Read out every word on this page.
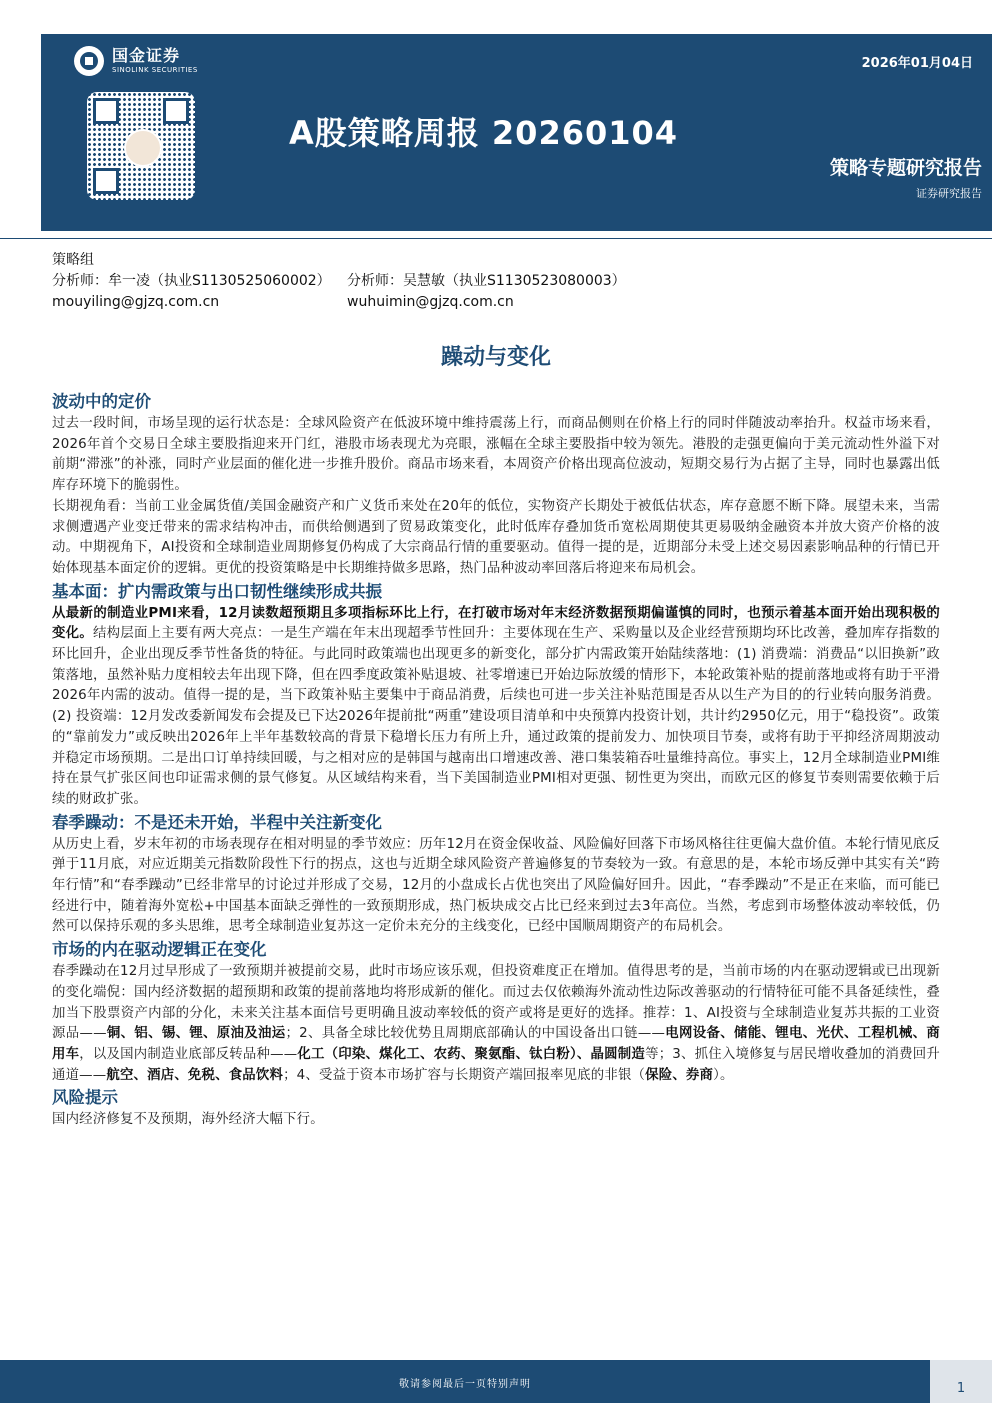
国金证券
SINOLINK SECURITIES
A股策略周报 20260104
2026年01月04日
策略专题研究报告
证券研究报告
策略组
分析师：牟一凌（执业S1130525060002）	分析师：吴慧敏（执业S1130523080003）
mouyiling@gjzq.com.cn	wuhuimin@gjzq.com.cn
躁动与变化
波动中的定价

过去一段时间，市场呈现的运行状态是：全球风险资产在低波环境中维持震荡上行，而商品侧则在价格上行的同时伴随波动率抬升。权益市场来看，2026年首个交易日全球主要股指迎来开门红，港股市场表现尤为亮眼，涨幅在全球主要股指中较为领先。港股的走强更偏向于美元流动性外溢下对前期“滞涨”的补涨，同时产业层面的催化进一步推升股价。商品市场来看，本周资产价格出现高位波动，短期交易行为占据了主导，同时也暴露出低库存环境下的脆弱性。

长期视角看：当前工业金属货值/美国金融资产和广义货币来处在20年的低位，实物资产长期处于被低估状态，库存意愿不断下降。展望未来，当需求侧遭遇产业变迁带来的需求结构冲击，而供给侧遇到了贸易政策变化，此时低库存叠加货币宽松周期使其更易吸纳金融资本并放大资产价格的波动。中期视角下，AI投资和全球制造业周期修复仍构成了大宗商品行情的重要驱动。值得一提的是，近期部分未受上述交易因素影响品种的行情已开始体现基本面定价的逻辑。更优的投资策略是中长期维持做多思路，热门品种波动率回落后将迎来布局机会。

基本面：扩内需政策与出口韧性继续形成共振

从最新的制造业PMI来看，12月读数超预期且多项指标环比上行，在打破市场对年末经济数据预期偏谨慎的同时，也预示着基本面开始出现积极的变化。结构层面上主要有两大亮点：一是生产端在年末出现超季节性回升：主要体现在生产、采购量以及企业经营预期均环比改善，叠加库存指数的环比回升，企业出现反季节性备货的特征。与此同时政策端也出现更多的新变化，部分扩内需政策开始陆续落地：(1) 消费端：消费品“以旧换新”政策落地，虽然补贴力度相较去年出现下降，但在四季度政策补贴退坡、社零增速已开始边际放缓的情形下，本轮政策补贴的提前落地或将有助于平滑2026年内需的波动。值得一提的是，当下政策补贴主要集中于商品消费，后续也可进一步关注补贴范围是否从以生产为目的的行业转向服务消费。(2) 投资端：12月发改委新闻发布会提及已下达2026年提前批“两重”建设项目清单和中央预算内投资计划，共计约2950亿元，用于“稳投资”。政策的“靠前发力”或反映出2026年上半年基数较高的背景下稳增长压力有所上升，通过政策的提前发力、加快项目节奏，或将有助于平抑经济周期波动并稳定市场预期。二是出口订单持续回暖，与之相对应的是韩国与越南出口增速改善、港口集装箱吞吐量维持高位。事实上，12月全球制造业PMI维持在景气扩张区间也印证需求侧的景气修复。从区域结构来看，当下美国制造业PMI相对更强、韧性更为突出，而欧元区的修复节奏则需要依赖于后续的财政扩张。

春季躁动：不是还未开始，半程中关注新变化

从历史上看，岁末年初的市场表现存在相对明显的季节效应：历年12月在资金保收益、风险偏好回落下市场风格往往更偏大盘价值。本轮行情见底反弹于11月底，对应近期美元指数阶段性下行的拐点，这也与近期全球风险资产普遍修复的节奏较为一致。有意思的是，本轮市场反弹中其实有关“跨年行情”和“春季躁动”已经非常早的讨论过并形成了交易，12月的小盘成长占优也突出了风险偏好回升。因此，“春季躁动”不是正在来临，而可能已经进行中，随着海外宽松+中国基本面缺乏弹性的一致预期形成，热门板块成交占比已经来到过去3年高位。当然，考虑到市场整体波动率较低，仍然可以保持乐观的多头思维，思考全球制造业复苏这一定价未充分的主线变化，已经中国顺周期资产的布局机会。

市场的内在驱动逻辑正在变化

春季躁动在12月过早形成了一致预期并被提前交易，此时市场应该乐观，但投资难度正在增加。值得思考的是，当前市场的内在驱动逻辑或已出现新的变化端倪：国内经济数据的超预期和政策的提前落地均将形成新的催化。而过去仅依赖海外流动性边际改善驱动的行情特征可能不具备延续性，叠加当下股票资产内部的分化，未来关注基本面信号更明确且波动率较低的资产或将是更好的选择。推荐：1、AI投资与全球制造业复苏共振的工业资源品——铜、铝、锡、锂、原油及油运；2、具备全球比较优势且周期底部确认的中国设备出口链——电网设备、储能、锂电、光伏、工程机械、商用车，以及国内制造业底部反转品种——化工（印染、煤化工、农药、聚氨酯、钛白粉）、晶圆制造等；3、抓住入境修复与居民增收叠加的消费回升通道——航空、酒店、免税、食品饮料；4、受益于资本市场扩容与长期资产端回报率见底的非银（保险、券商）。

风险提示

国内经济修复不及预期，海外经济大幅下行。

敬请参阅最后一页特别声明	1
